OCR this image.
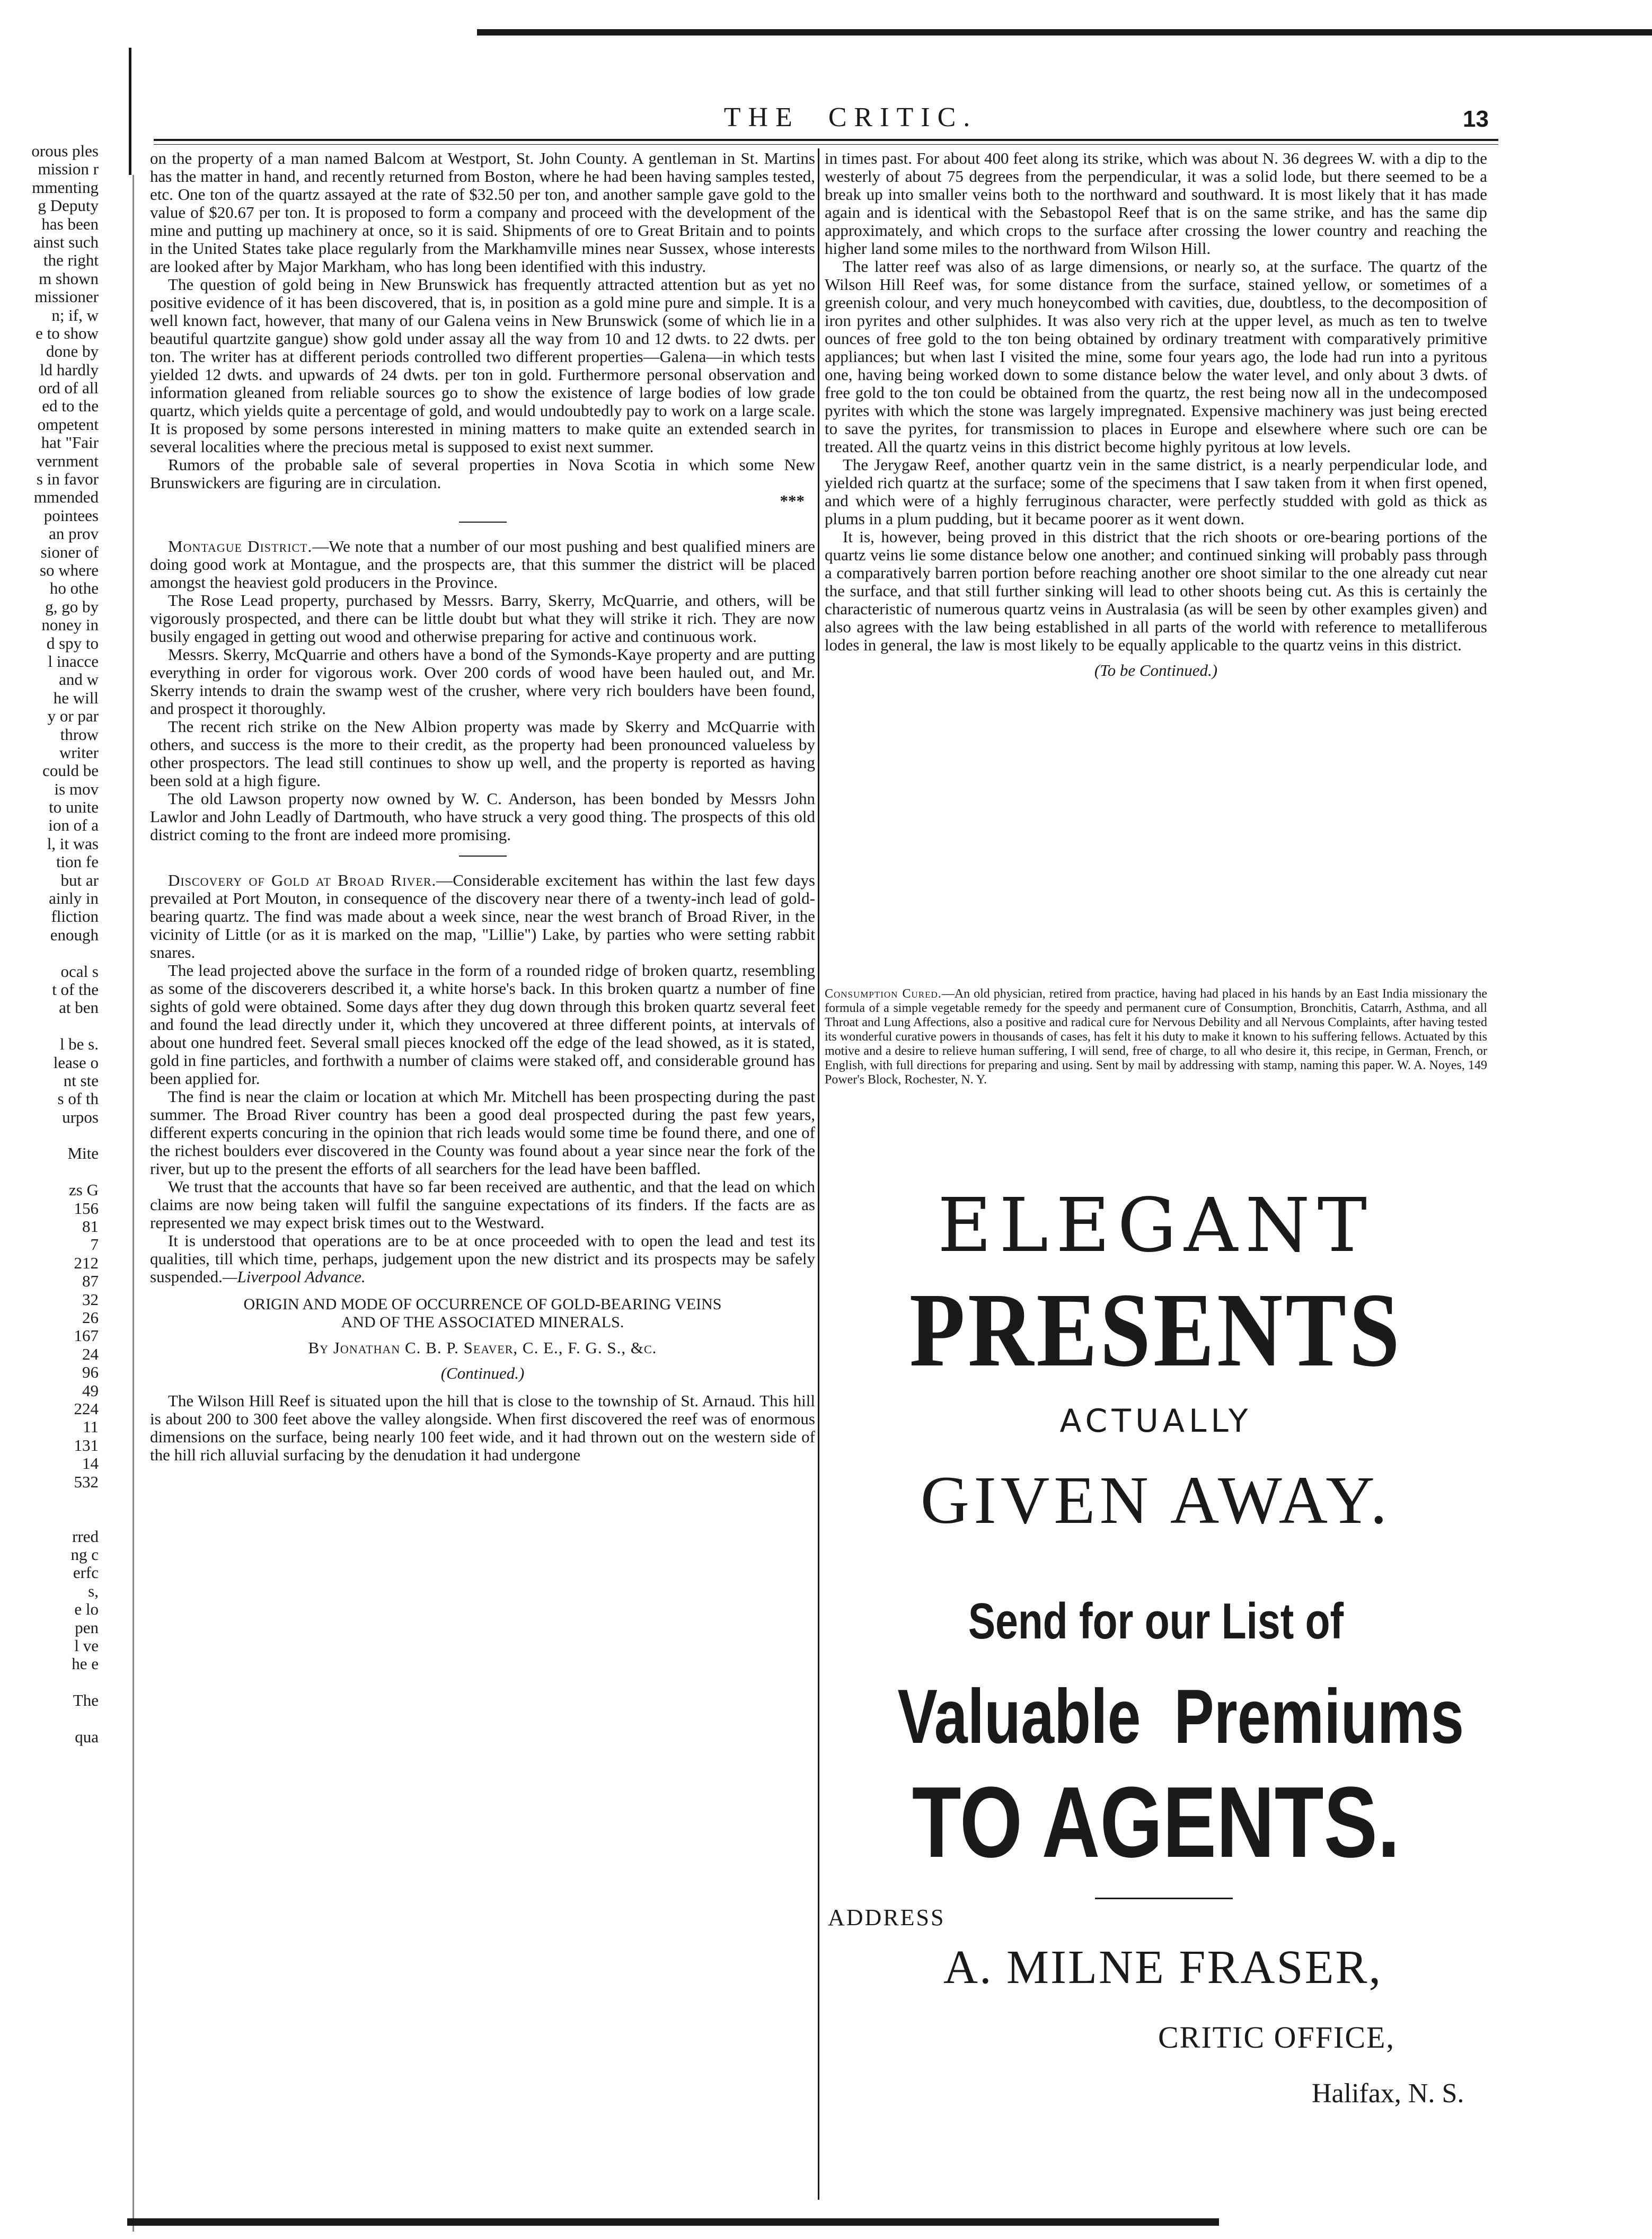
THE  CRITIC.	13
orous ples
mission r
mmenting
g Deputy
has been
ainst such
the right
m shown
missioner
n; if, w
e to show
done by
ld hardly
ord of all
ed to the
ompetent
hat "Fair
vernment
s in favor
mmended
pointees
an prov
sioner of
so where
ho othe
g, go by
noney in
d spy to
l inacce
and w
he will
y or par
throw
writer
could be
is mov
to unite
ion of a
l, it was
tion fe
but ar
ainly in
fliction
enough
ocal s
t of the
at ben
l be s.
lease o
nt ste
s of th
urpos
Mite
zs G
156
81
7
212
87
32
26
167
24
96
49
224
11
131
14
532
rred
ng c
erfc
s,
e lo
pen
l ve
he e
The
qua

on the property of a man named Balcom at Westport, St. John County. A gentleman in St. Martins has the matter in hand, and recently returned from Boston, where he had been having samples tested, etc. One ton of the quartz assayed at the rate of $32.50 per ton, and another sample gave gold to the value of $20.67 per ton. It is proposed to form a company and proceed with the development of the mine and putting up machinery at once, so it is said. Shipments of ore to Great Britain and to points in the United States take place regularly from the Markhamville mines near Sussex, whose interests are looked after by Major Markham, who has long been identified with this industry.

The question of gold being in New Brunswick has frequently attracted attention but as yet no positive evidence of it has been discovered, that is, in position as a gold mine pure and simple. It is a well known fact, however, that many of our Galena veins in New Brunswick (some of which lie in a beautiful quartzite gangue) show gold under assay all the way from 10 and 12 dwts. to 22 dwts. per ton. The writer has at different periods controlled two different properties—Galena—in which tests yielded 12 dwts. and upwards of 24 dwts. per ton in gold. Furthermore personal observation and information gleaned from reliable sources go to show the existence of large bodies of low grade quartz, which yields quite a percentage of gold, and would undoubtedly pay to work on a large scale. It is proposed by some persons interested in mining matters to make quite an extended search in several localities where the precious metal is supposed to exist next summer.

Rumors of the probable sale of several properties in Nova Scotia in which some New Brunswickers are figuring are in circulation.

***

Montague District.—We note that a number of our most pushing and best qualified miners are doing good work at Montague, and the prospects are, that this summer the district will be placed amongst the heaviest gold producers in the Province.

The Rose Lead property, purchased by Messrs. Barry, Skerry, McQuarrie, and others, will be vigorously prospected, and there can be little doubt but what they will strike it rich. They are now busily engaged in getting out wood and otherwise preparing for active and continuous work.

Messrs. Skerry, McQuarrie and others have a bond of the Symonds-Kaye property and are putting everything in order for vigorous work. Over 200 cords of wood have been hauled out, and Mr. Skerry intends to drain the swamp west of the crusher, where very rich boulders have been found, and prospect it thoroughly.

The recent rich strike on the New Albion property was made by Skerry and McQuarrie with others, and success is the more to their credit, as the property had been pronounced valueless by other prospectors. The lead still continues to show up well, and the property is reported as having been sold at a high figure.

The old Lawson property now owned by W. C. Anderson, has been bonded by Messrs John Lawlor and John Leadly of Dartmouth, who have struck a very good thing. The prospects of this old district coming to the front are indeed more promising.

Discovery of Gold at Broad River.—Considerable excitement has within the last few days prevailed at Port Mouton, in consequence of the discovery near there of a twenty-inch lead of gold-bearing quartz. The find was made about a week since, near the west branch of Broad River, in the vicinity of Little (or as it is marked on the map, "Lillie") Lake, by parties who were setting rabbit snares.

The lead projected above the surface in the form of a rounded ridge of broken quartz, resembling as some of the discoverers described it, a white horse's back. In this broken quartz a number of fine sights of gold were obtained. Some days after they dug down through this broken quartz several feet and found the lead directly under it, which they uncovered at three different points, at intervals of about one hundred feet. Several small pieces knocked off the edge of the lead showed, as it is stated, gold in fine particles, and forthwith a number of claims were staked off, and considerable ground has been applied for.

The find is near the claim or location at which Mr. Mitchell has been prospecting during the past summer. The Broad River country has been a good deal prospected during the past few years, different experts concuring in the opinion that rich leads would some time be found there, and one of the richest boulders ever discovered in the County was found about a year since near the fork of the river, but up to the present the efforts of all searchers for the lead have been baffled.

We trust that the accounts that have so far been received are authentic, and that the lead on which claims are now being taken will fulfil the sanguine expectations of its finders. If the facts are as represented we may expect brisk times out to the Westward.

It is understood that operations are to be at once proceeded with to open the lead and test its qualities, till which time, perhaps, judgement upon the new district and its prospects may be safely suspended.—Liverpool Advance.

ORIGIN AND MODE OF OCCURRENCE OF GOLD-BEARING VEINS
AND OF THE ASSOCIATED MINERALS.
By Jonathan C. B. P. Seaver, C. E., F. G. S., &c.
(Continued.)

The Wilson Hill Reef is situated upon the hill that is close to the township of St. Arnaud. This hill is about 200 to 300 feet above the valley alongside. When first discovered the reef was of enormous dimensions on the surface, being nearly 100 feet wide, and it had thrown out on the western side of the hill rich alluvial surfacing by the denudation it had undergone

in times past. For about 400 feet along its strike, which was about N. 36 degrees W. with a dip to the westerly of about 75 degrees from the perpendicular, it was a solid lode, but there seemed to be a break up into smaller veins both to the northward and southward. It is most likely that it has made again and is identical with the Sebastopol Reef that is on the same strike, and has the same dip approximately, and which crops to the surface after crossing the lower country and reaching the higher land some miles to the northward from Wilson Hill.

The latter reef was also of as large dimensions, or nearly so, at the surface. The quartz of the Wilson Hill Reef was, for some distance from the surface, stained yellow, or sometimes of a greenish colour, and very much honeycombed with cavities, due, doubtless, to the decomposition of iron pyrites and other sulphides. It was also very rich at the upper level, as much as ten to twelve ounces of free gold to the ton being obtained by ordinary treatment with comparatively primitive appliances; but when last I visited the mine, some four years ago, the lode had run into a pyritous one, having being worked down to some distance below the water level, and only about 3 dwts. of free gold to the ton could be obtained from the quartz, the rest being now all in the undecomposed pyrites with which the stone was largely impregnated. Expensive machinery was just being erected to save the pyrites, for transmission to places in Europe and elsewhere where such ore can be treated. All the quartz veins in this district become highly pyritous at low levels.

The Jerygaw Reef, another quartz vein in the same district, is a nearly perpendicular lode, and yielded rich quartz at the surface; some of the specimens that I saw taken from it when first opened, and which were of a highly ferruginous character, were perfectly studded with gold as thick as plums in a plum pudding, but it became poorer as it went down.

It is, however, being proved in this district that the rich shoots or ore-bearing portions of the quartz veins lie some distance below one another; and continued sinking will probably pass through a comparatively barren portion before reaching another ore shoot similar to the one already cut near the surface, and that still further sinking will lead to other shoots being cut. As this is certainly the characteristic of numerous quartz veins in Australasia (as will be seen by other examples given) and also agrees with the law being established in all parts of the world with reference to metalliferous lodes in general, the law is most likely to be equally applicable to the quartz veins in this district.

(To be Continued.)
Consumption Cured.—An old physician, retired from practice, having had placed in his hands by an East India missionary the formula of a simple vegetable remedy for the speedy and permanent cure of Consumption, Bronchitis, Catarrh, Asthma, and all Throat and Lung Affections, also a positive and radical cure for Nervous Debility and all Nervous Complaints, after having tested its wonderful curative powers in thousands of cases, has felt it his duty to make it known to his suffering fellows. Actuated by this motive and a desire to relieve human suffering, I will send, free of charge, to all who desire it, this recipe, in German, French, or English, with full directions for preparing and using. Sent by mail by addressing with stamp, naming this paper. W. A. Noyes, 149 Power's Block, Rochester, N. Y.
ELEGANT
PRESENTS
ACTUALLY
GIVEN AWAY.
Send for our List of
Valuable  Premiums
TO AGENTS.
ADDRESS
A. MILNE FRASER,
CRITIC OFFICE,
Halifax, N. S.
